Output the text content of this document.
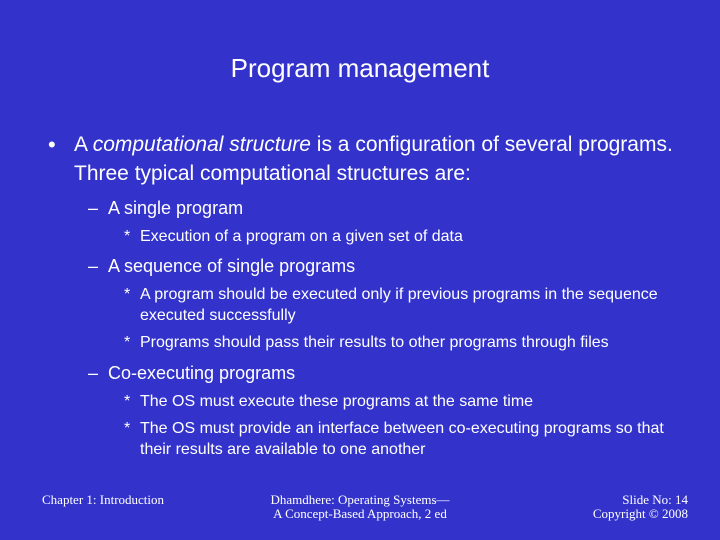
Program management
• A computational structure is a configuration of several programs. Three typical computational structures are:
– A single program
* Execution of a program on a given set of data
– A sequence of single programs
* A program should be executed only if previous programs in the sequence executed successfully
* Programs should pass their results to other programs through files
– Co-executing programs
* The OS must execute these programs at the same time
* The OS must provide an interface between co-executing programs so that their results are available to one another
Chapter 1: Introduction	Dhamdhere: Operating Systems—
A Concept-Based Approach, 2 ed
Slide No: 14
Copyright © 2008
